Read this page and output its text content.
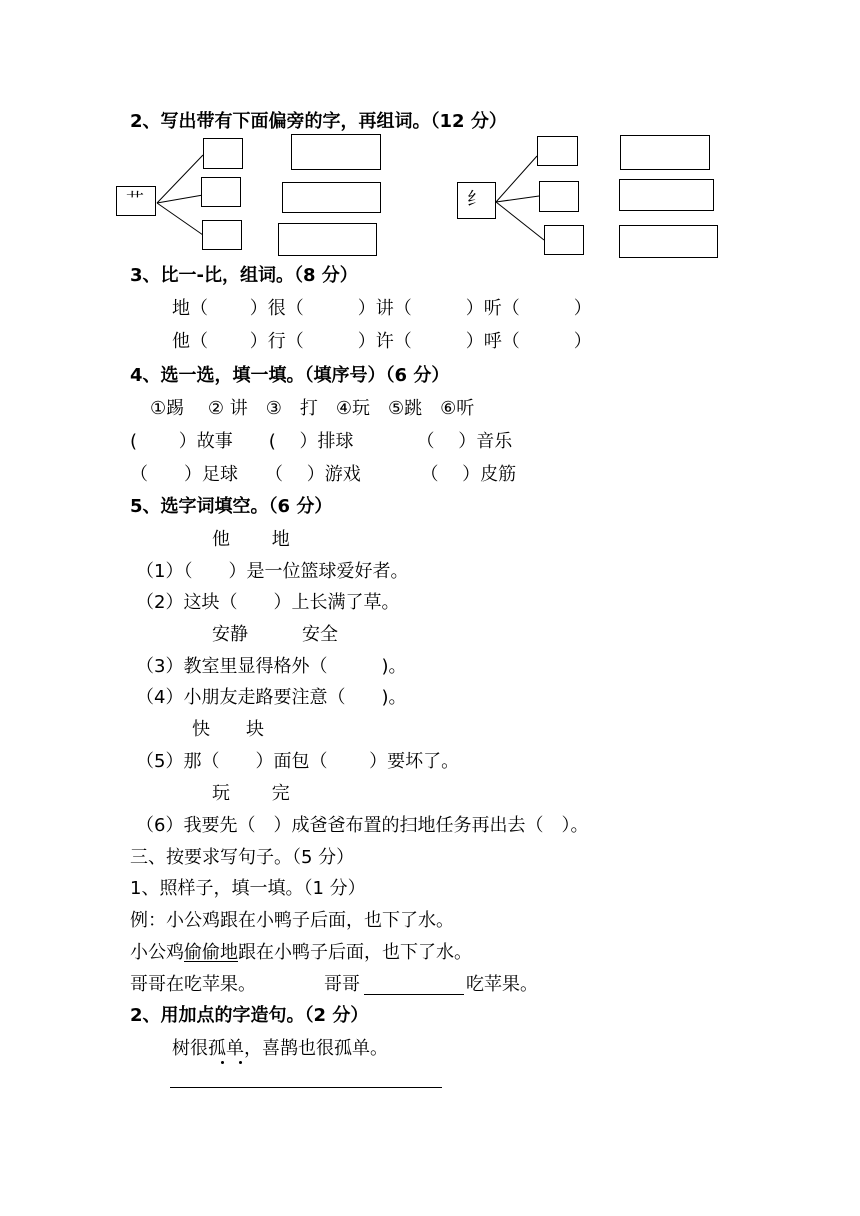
2、写出带有下面偏旁的字，再组词。（12 分）
艹	纟
3、比一-比，组词。（8 分）
地（　　 ）很（　　　）讲（　　　）听（　　　）
他（　　 ）行（　　　）许（　　　）呼（　　　）
4、选一选，填一填。（填序号）（6 分）
①踢　 ② 讲　③　打　④玩　⑤跳　⑥听
(　　 ）故事　　(　 ）排球　　　　（　 ）音乐
（　　）足球　　（　 ）游戏　　　 （　 ）皮筋
5、选字词填空。（6 分）
他　　 地
（1）（　　）是一位篮球爱好者。
（2）这块（　　）上长满了草。
安静　　　安全
（3）教室里显得格外（　　　)。
（4）小朋友走路要注意（　　)。
快　　块
（5）那（　　）面包（　　 ）要坏了。
玩　　 完
（6）我要先（　）成爸爸布置的扫地任务再出去（　）。
三、按要求写句子。（5 分）
1、照样子，填一填。（1 分）
例：小公鸡跟在小鸭子后面，也下了水。
小公鸡偷偷地跟在小鸭子后面，也下了水。
哥哥在吃苹果。	哥哥	吃苹果。
2、用加点的字造句。（2 分）
树很孤单，喜鹊也很孤单。
